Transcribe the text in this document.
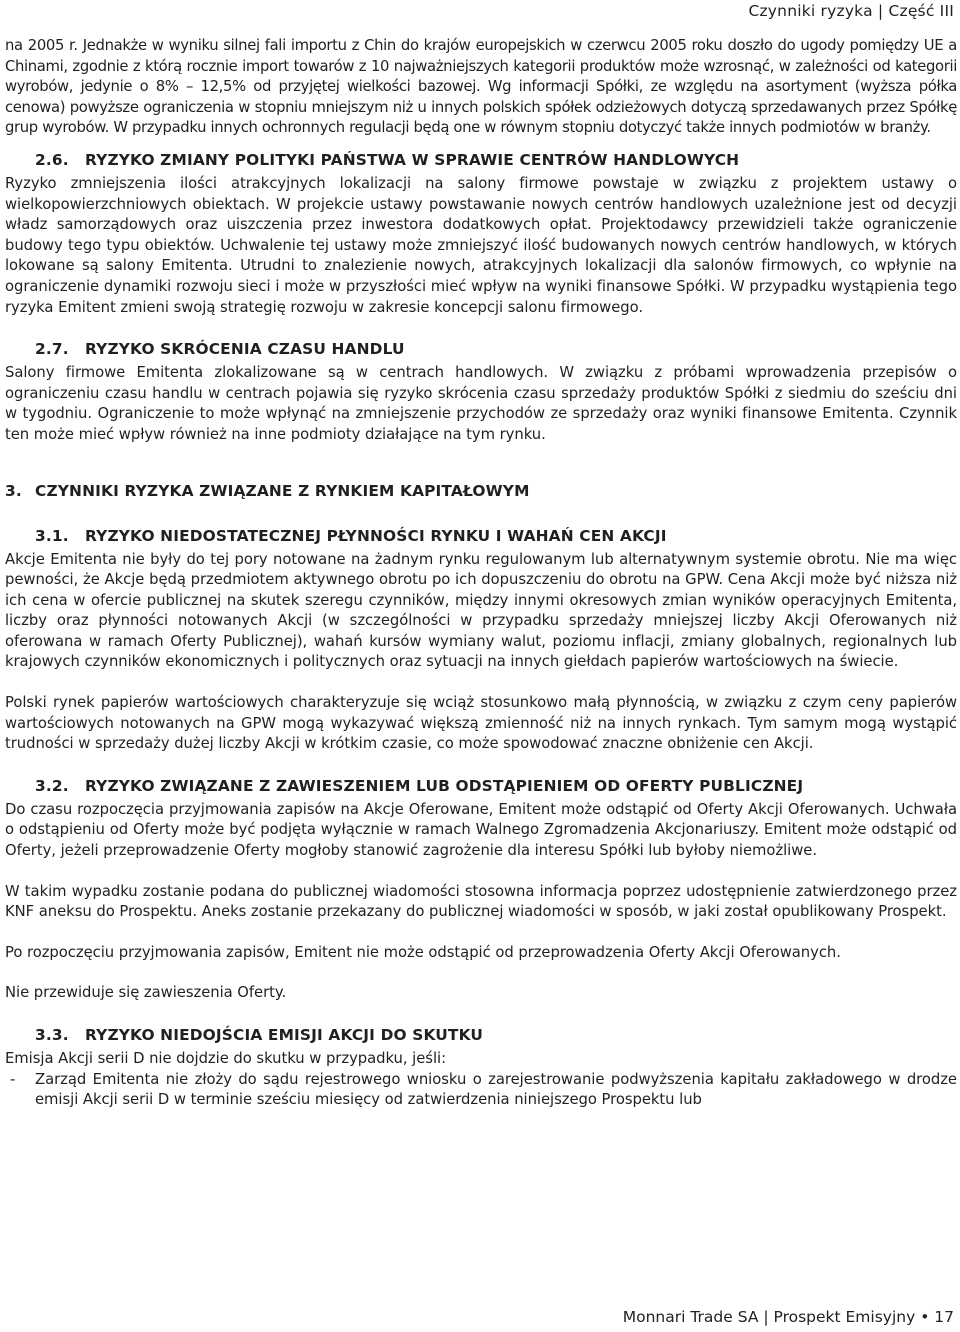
Czynniki ryzyka | Część III

na 2005 r. Jednakże w wyniku silnej fali importu z Chin do krajów europejskich w czerwcu 2005 roku doszło do ugody pomiędzy UE a Chinami, zgodnie z którą rocznie import towarów z 10 najważniejszych kategorii produktów może wzrosnąć, w zależności od kategorii wyrobów, jedynie o 8% – 12,5% od przyjętej wielkości bazowej. Wg informacji Spółki, ze względu na asortyment (wyższa półka cenowa) powyższe ograniczenia w stopniu mniejszym niż u innych polskich spółek odzieżowych dotyczą sprzedawanych przez Spółkę grup wyrobów. W przypadku innych ochronnych regulacji będą one w równym stopniu dotyczyć także innych podmiotów w branży.

2.6. RYZYKO ZMIANY POLITYKI PAŃSTWA W SPRAWIE CENTRÓW HANDLOWYCH

Ryzyko zmniejszenia ilości atrakcyjnych lokalizacji na salony firmowe powstaje w związku z projektem ustawy o wielkopowierzchniowych obiektach. W projekcie ustawy powstawanie nowych centrów handlowych uzależnione jest od decyzji władz samorządowych oraz uiszczenia przez inwestora dodatkowych opłat. Projektodawcy przewidzieli także ograniczenie budowy tego typu obiektów. Uchwalenie tej ustawy może zmniejszyć ilość budowanych nowych centrów handlowych, w których lokowane są salony Emitenta. Utrudni to znalezienie nowych, atrakcyjnych lokalizacji dla salonów firmowych, co wpłynie na ograniczenie dynamiki rozwoju sieci i może w przyszłości mieć wpływ na wyniki finansowe Spółki. W przypadku wystąpienia tego ryzyka Emitent zmieni swoją strategię rozwoju w zakresie koncepcji salonu firmowego.

2.7. RYZYKO SKRÓCENIA CZASU HANDLU

Salony firmowe Emitenta zlokalizowane są w centrach handlowych. W związku z próbami wprowadzenia przepisów o ograniczeniu czasu handlu w centrach pojawia się ryzyko skrócenia czasu sprzedaży produktów Spółki z siedmiu do sześciu dni w tygodniu. Ograniczenie to może wpłynąć na zmniejszenie przychodów ze sprzedaży oraz wyniki finansowe Emitenta. Czynnik ten może mieć wpływ również na inne podmioty działające na tym rynku.

3. CZYNNIKI RYZYKA ZWIĄZANE Z RYNKIEM KAPITAŁOWYM
3.1. RYZYKO NIEDOSTATECZNEJ PŁYNNOŚCI RYNKU I WAHAŃ CEN AKCJI

Akcje Emitenta nie były do tej pory notowane na żadnym rynku regulowanym lub alternatywnym systemie obrotu. Nie ma więc pewności, że Akcje będą przedmiotem aktywnego obrotu po ich dopuszczeniu do obrotu na GPW. Cena Akcji może być niższa niż ich cena w ofercie publicznej na skutek szeregu czynników, między innymi okresowych zmian wyników operacyjnych Emitenta, liczby oraz płynności notowanych Akcji (w szczególności w przypadku sprzedaży mniejszej liczby Akcji Oferowanych niż oferowana w ramach Oferty Publicznej), wahań kursów wymiany walut, poziomu inflacji, zmiany globalnych, regionalnych lub krajowych czynników ekonomicznych i politycznych oraz sytuacji na innych giełdach papierów wartościowych na świecie.

Polski rynek papierów wartościowych charakteryzuje się wciąż stosunkowo małą płynnością, w związku z czym ceny papierów wartościowych notowanych na GPW mogą wykazywać większą zmienność niż na innych rynkach. Tym samym mogą wystąpić trudności w sprzedaży dużej liczby Akcji w krótkim czasie, co może spowodować znaczne obniżenie cen Akcji.

3.2. RYZYKO ZWIĄZANE Z ZAWIESZENIEM LUB ODSTĄPIENIEM OD OFERTY PUBLICZNEJ

Do czasu rozpoczęcia przyjmowania zapisów na Akcje Oferowane, Emitent może odstąpić od Oferty Akcji Oferowanych. Uchwała o odstąpieniu od Oferty może być podjęta wyłącznie w ramach Walnego Zgromadzenia Akcjonariuszy. Emitent może odstąpić od Oferty, jeżeli przeprowadzenie Oferty mogłoby stanowić zagrożenie dla interesu Spółki lub byłoby niemożliwe.

W takim wypadku zostanie podana do publicznej wiadomości stosowna informacja poprzez udostępnienie zatwierdzonego przez KNF aneksu do Prospektu. Aneks zostanie przekazany do publicznej wiadomości w sposób, w jaki został opublikowany Prospekt.

Po rozpoczęciu przyjmowania zapisów, Emitent nie może odstąpić od przeprowadzenia Oferty Akcji Oferowanych.

Nie przewiduje się zawieszenia Oferty.

3.3. RYZYKO NIEDOJŚCIA EMISJI AKCJI DO SKUTKU

Emisja Akcji serii D nie dojdzie do skutku w przypadku, jeśli:

-	Zarząd Emitenta nie złoży do sądu rejestrowego wniosku o zarejestrowanie podwyższenia kapitału zakładowego w drodze emisji Akcji serii D w terminie sześciu miesięcy od zatwierdzenia niniejszego Prospektu lub

Monnari Trade SA | Prospekt Emisyjny • 17
